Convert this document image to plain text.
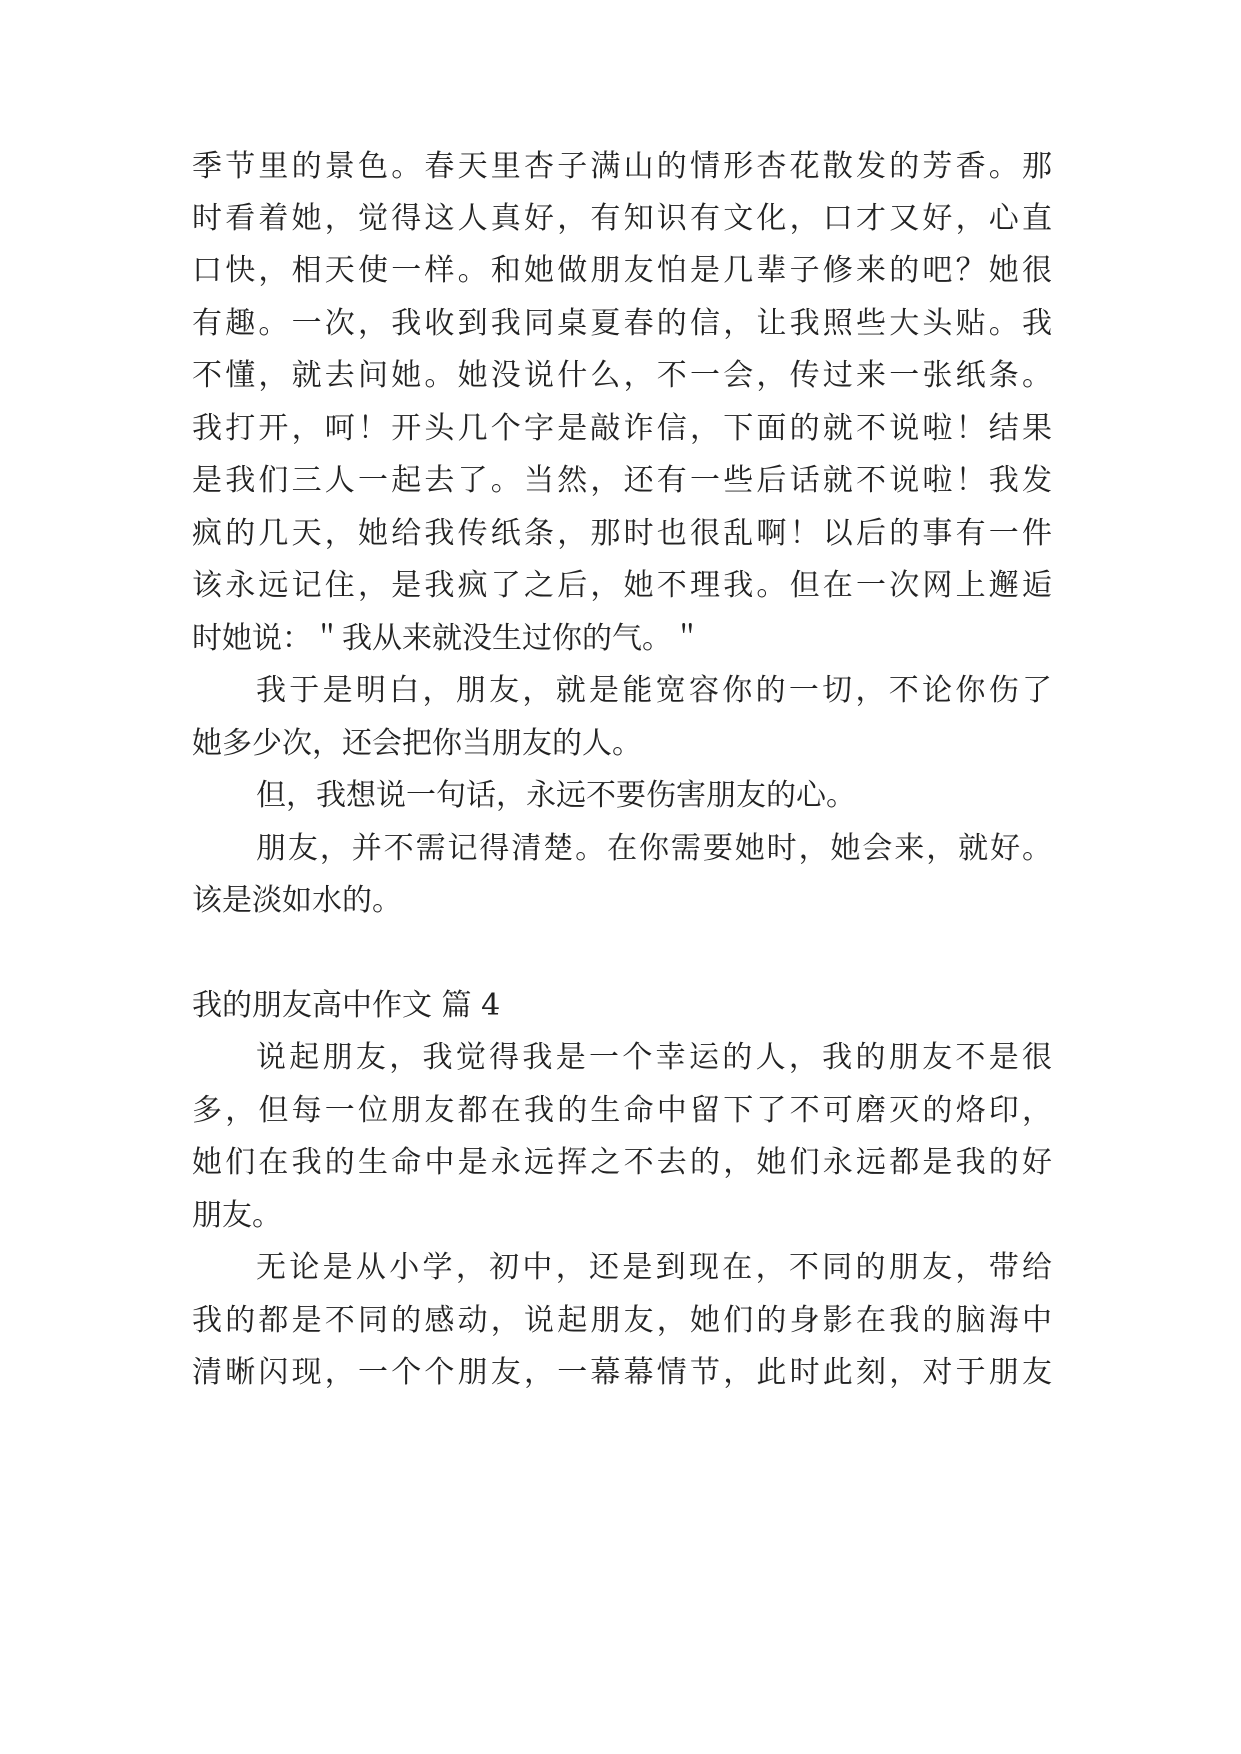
季节里的景色。春天里杏子满山的情形杏花散发的芳香。那
时看着她，觉得这人真好，有知识有文化，口才又好，心直
口快，相天使一样。和她做朋友怕是几辈子修来的吧？她很
有趣。一次，我收到我同桌夏春的信，让我照些大头贴。我
不懂，就去问她。她没说什么，不一会，传过来一张纸条。
我打开，呵！开头几个字是敲诈信，下面的就不说啦！结果
是我们三人一起去了。当然，还有一些后话就不说啦！我发
疯的几天，她给我传纸条，那时也很乱啊！以后的事有一件
该永远记住，是我疯了之后，她不理我。但在一次网上邂逅
时她说：＂我从来就没生过你的气。＂
我于是明白，朋友，就是能宽容你的一切，不论你伤了
她多少次，还会把你当朋友的人。
但，我想说一句话，永远不要伤害朋友的心。
朋友，并不需记得清楚。在你需要她时，她会来，就好。
该是淡如水的。
我的朋友高中作文 篇 4
说起朋友，我觉得我是一个幸运的人，我的朋友不是很
多，但每一位朋友都在我的生命中留下了不可磨灭的烙印，
她们在我的生命中是永远挥之不去的，她们永远都是我的好
朋友。
无论是从小学，初中，还是到现在，不同的朋友，带给
我的都是不同的感动，说起朋友，她们的身影在我的脑海中
清晰闪现，一个个朋友，一幕幕情节，此时此刻，对于朋友
